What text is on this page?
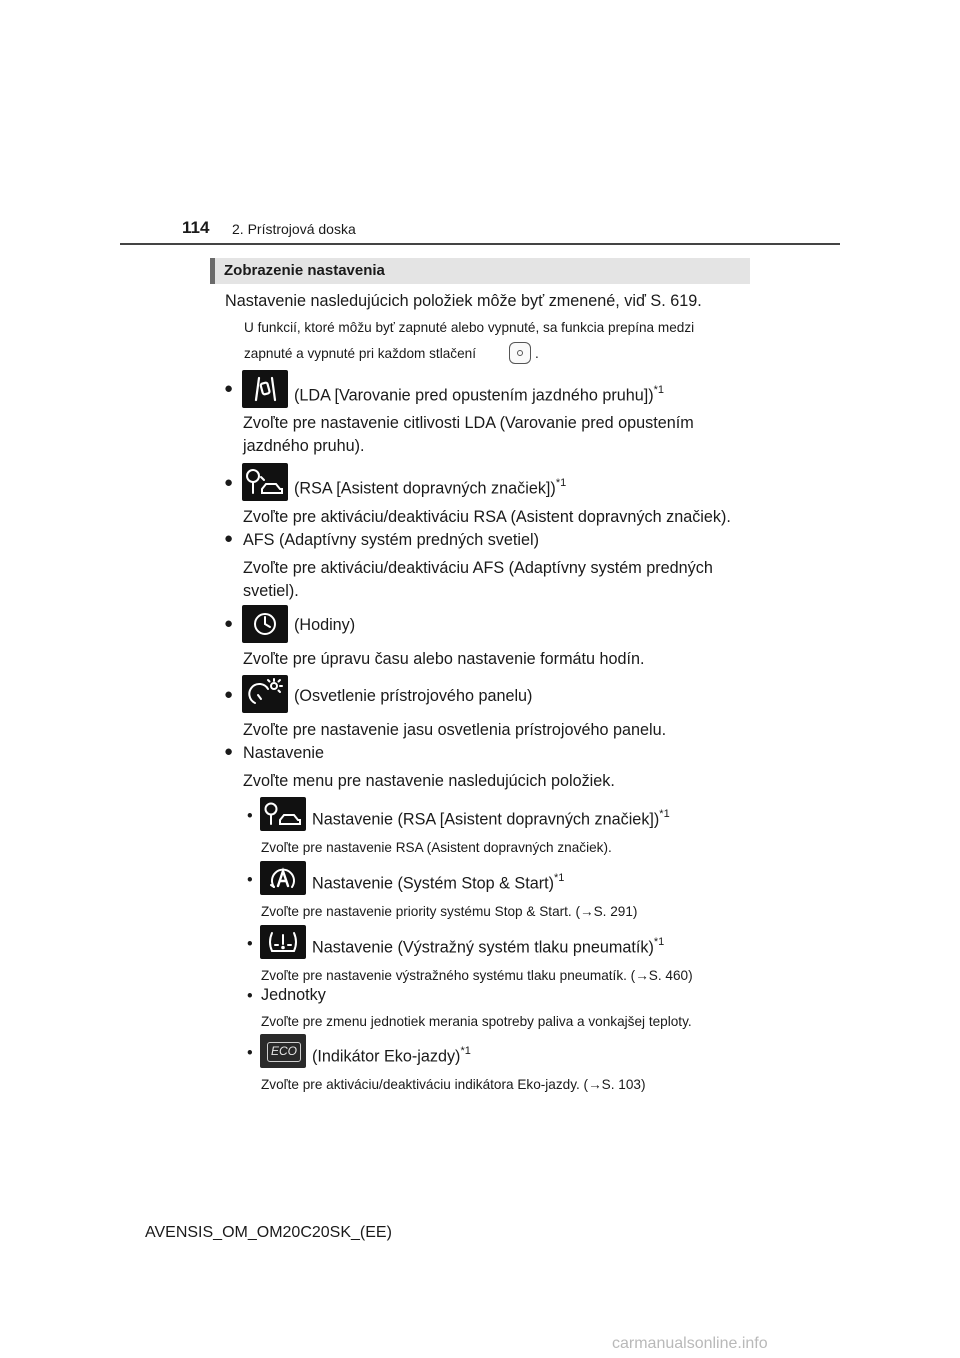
114 2. Prístrojová doska
Zobrazenie nastavenia
Nastavenie nasledujúcich položiek môže byť zmenené, viď S. 619.
U funkcií, ktoré môžu byť zapnuté alebo vypnuté, sa funkcia prepína medzi
zapnuté a vypnuté pri každom stlačení	.
●	(LDA [Varovanie pred opustením jazdného pruhu])$^{*1}$
Zvoľte pre nastavenie citlivosti LDA (Varovanie pred opustením
jazdného pruhu).
●	(RSA [Asistent dopravných značiek])$^{*1}$
Zvoľte pre aktiváciu/deaktiváciu RSA (Asistent dopravných značiek).
● AFS (Adaptívny systém predných svetiel)
Zvoľte pre aktiváciu/deaktiváciu AFS (Adaptívny systém predných
svetiel).
●	(Hodiny)
Zvoľte pre úpravu času alebo nastavenie formátu hodín.
●	(Osvetlenie prístrojového panelu)
Zvoľte pre nastavenie jasu osvetlenia prístrojového panelu.
● Nastavenie
Zvoľte menu pre nastavenie nasledujúcich položiek.
•	Nastavenie (RSA [Asistent dopravných značiek])$^{*1}$
Zvoľte pre nastavenie RSA (Asistent dopravných značiek).
•	Nastavenie (Systém Stop & Start)$^{*1}$
Zvoľte pre nastavenie priority systému Stop & Start. (→S. 291)
•	Nastavenie (Výstražný systém tlaku pneumatík)$^{*1}$
Zvoľte pre nastavenie výstražného systému tlaku pneumatík. (→S. 460)
• Jednotky
Zvoľte pre zmenu jednotiek merania spotreby paliva a vonkajšej teploty.
• ECO (Indikátor Eko-jazdy)$^{*1}$
Zvoľte pre aktiváciu/deaktiváciu indikátora Eko-jazdy. (→S. 103)
AVENSIS_OM_OM20C20SK_(EE)
carmanualsonline.info
